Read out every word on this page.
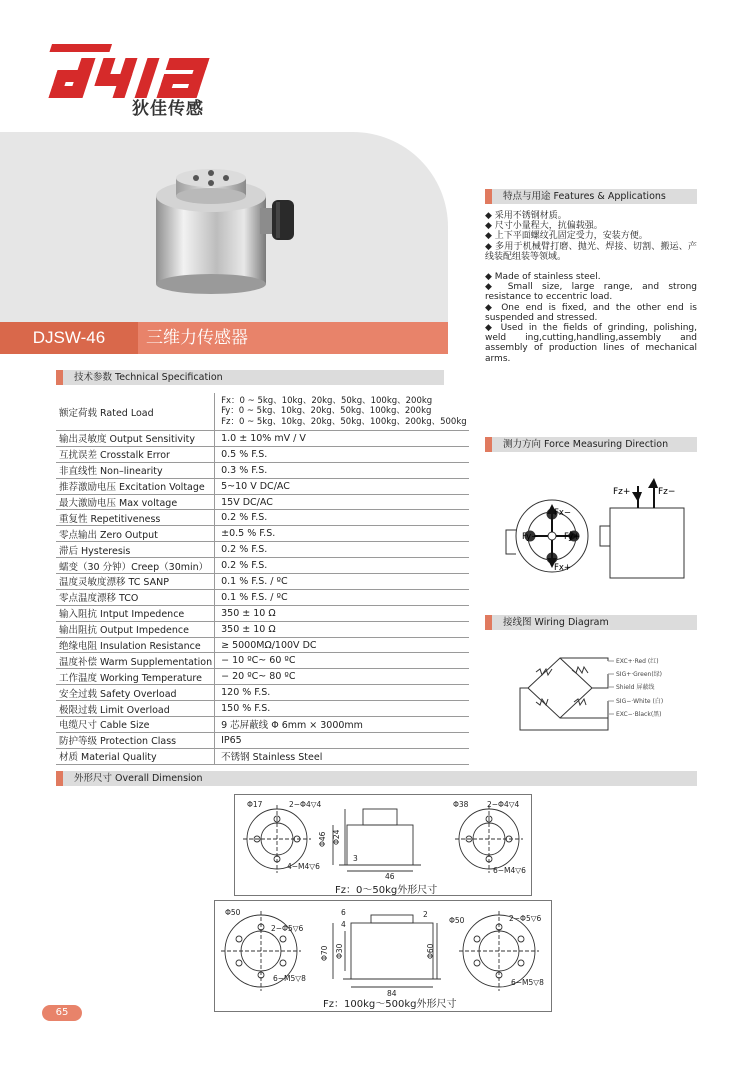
狄佳传感
DJSW-46	三维力传感器
特点与用途 Features & Applications

◆ 采用不锈钢材质。

◆ 尺寸小量程大，抗偏载强。

◆ 上下平面螺纹孔固定受力，安装方便。

◆ 多用于机械臂打磨、抛光、焊接、切割、搬运、产线装配组装等领域。

◆ Made of stainless steel.

◆ Small size, large range, and strong resistance to eccentric load.

◆ One end is fixed, and the other end is suspended and stressed.

◆ Used in the fields of grinding, polishing, weld ing,cutting,handling,assembly and assembly of production lines of mechanical arms.

技术参数 Technical Specification
额定荷载 Rated Load	Fx：0 ~ 5kg、10kg、20kg、50kg、100kg、200kg
Fy：0 ~ 5kg、10kg、20kg、50kg、100kg、200kg
Fz：0 ~ 5kg、10kg、20kg、50kg、100kg、200kg、500kg

输出灵敏度 Output Sensitivity	1.0 ± 10% mV / V
互扰误差 Crosstalk Error	0.5 % F.S.
非直线性 Non–linearity	0.3 % F.S.
推荐激励电压 Excitation Voltage	5~10 V DC/AC
最大激励电压 Max voltage	15V DC/AC
重复性 Repetitiveness	0.2 % F.S.
零点输出 Zero Output	±0.5 % F.S.
滞后 Hysteresis	0.2 % F.S.
蠕变（30 分钟）Creep（30min）	0.2 % F.S.
温度灵敏度漂移 TC SANP	0.1 % F.S. / ºC
零点温度漂移 TCO	0.1 % F.S. / ºC
输入阻抗 Intput Impedence	350 ± 10 Ω
输出阻抗 Output Impedence	350 ± 10 Ω
绝缘电阻 Insulation Resistance	≥ 5000MΩ/100V DC
温度补偿 Warm Supplementation	− 10 ºC~ 60 ºC
工作温度 Working Temperature	− 20 ºC~ 80 ºC
安全过载 Safety Overload	120 % F.S.
极限过载 Limit Overload	150 % F.S.
电缆尺寸 Cable Size	9 芯屏蔽线 Φ 6mm × 3000mm
防护等级 Protection Class	IP65
材质 Material Quality	不锈钢 Stainless Steel
测力方向 Force Measuring Direction
Fx−
Fx+
Fy−	Fy+
Fz+	Fz−
接线图 Wiring Diagram
EXC+·Red (红)
SIG+·Green(绿)
Shield 屏蔽线
SIG−·White (白)
EXC−·Black(黑)
外形尺寸 Overall Dimension
Φ17	2−Φ4▽4
4−M4▽6
Φ46 Φ24
3
46
Φ38 2−Φ4▽4
6−M4▽6
Fz：0～50kg外形尺寸
Φ50
2−Φ5▽6
6−M5▽8
Φ70 Φ30	Φ60
6
4
2
84
Φ50	2−Φ5▽6
6−M5▽8
Fz：100kg～500kg外形尺寸
65
